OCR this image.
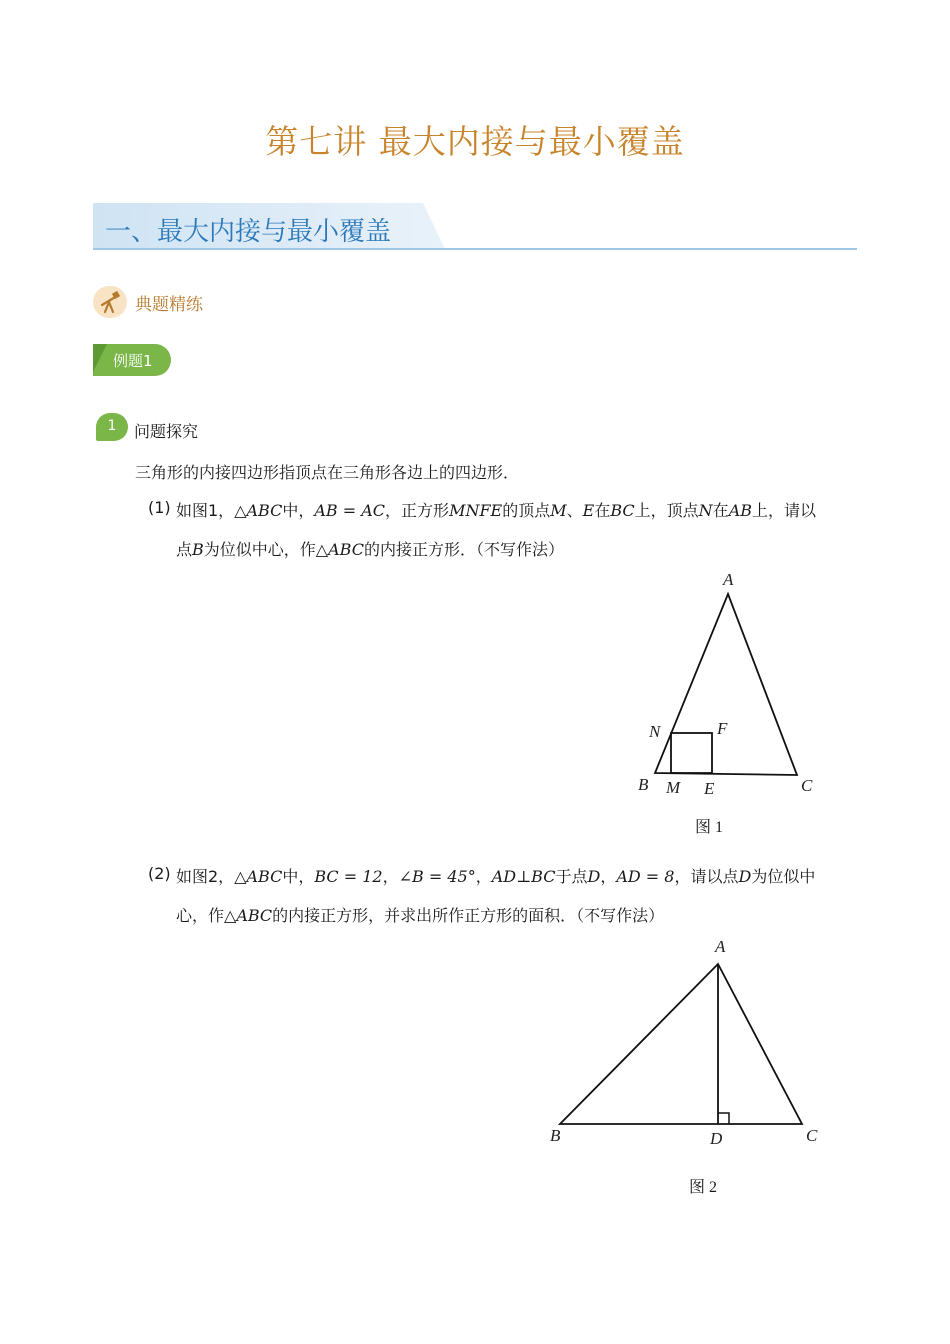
第七讲 最大内接与最小覆盖
一、最大内接与最小覆盖
典题精练
例题1
1	问题探究
三角形的内接四边形指顶点在三角形各边上的四边形．
(1) 如图1，△ABC中，AB = AC，正方形MNFE的顶点M、E在BC上，顶点N在AB上，请以
点B为位似中心，作△ABC的内接正方形．（不写作法）
A
B	C
N	F
M E
图 1
(2) 如图2，△ABC中，BC = 12，∠B = 45°，AD⊥BC于点D，AD = 8，请以点D为位似中
心，作△ABC的内接正方形，并求出所作正方形的面积．（不写作法）
A
B	C
D
图 2
